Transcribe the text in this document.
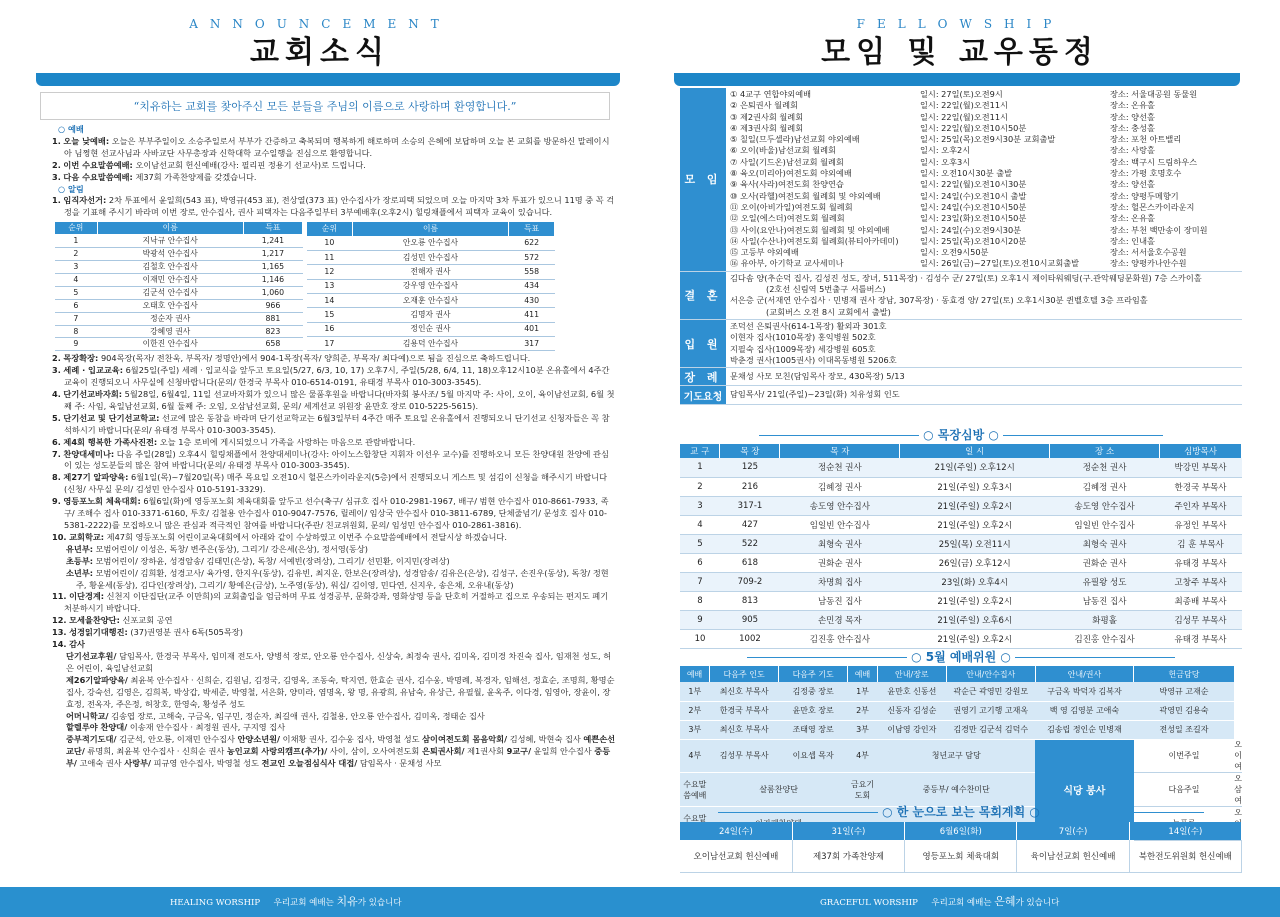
ANNOUNCEMENT
교회소식
“치유하는 교회를 찾아주신 모든 분들을 주님의 이름으로 사랑하며 환영합니다.”
○ 예배
1. 오늘 낮예배: 오늘은 부부주일이오 소승주일로서 부부가 간증하고 축복되며 행복하게 해로하며 소승의 은혜에 보답하며 오늘 본 교회를 방문하신 말레이시아 님쩡현 선교사님과 사바교단 사무총장과 신학대학 교수일행을 진심으로 환영합니다.
2. 이번 수요말씀예배: 오이남선교회 헌신예배(강사: 필리핀 정용기 선교사)로 드립니다.
3. 다음 수요말씀예배: 제37회 가족찬양제를 갖겠습니다.
○ 알림
1. 임직자선거: 2차 투표에서 윤일희(543 표), 박영규(453 표), 전상열(373 표) 안수집사가 장로피택 되었으며 오늘 마지막 3차 투표가 있으니 11명 중 꼭 걱정을 기표해 주시기 바라며 이번 장로, 안수집사, 권사 피택자는 다음주일부터 3부예배후(오후2시) 힐링채플에서 피택자 교육이 있습니다.
순위	이름	득표
1	지낙규 안수집사	1,241
2	박광석 안수집사	1,217
3	김철호 안수집사	1,165
4	이재민 안수집사	1,146
5	김군석 안수집사	1,060
6	오태호 안수집사	966
7	정순자 권사	881
8	강혜영 권사	823
9	이한진 안수집사	658
순위	이름	득표
10	안오룡 안수집사	622
11	김성민 안수집사	572
12	전해자 권사	558
13	강우영 안수집사	434
14	오재훈 안수집사	430
15	김명자 권사	411
16	정인순 권사	401
17	김용덕 안수집사	317
2. 목장확장: 904목장(목자/ 전찬욱, 부목자/ 정명안)에서 904-1목장(목자/ 양희준, 부목자/ 최다예)으로 됨을 진심으로 축하드립니다.
3. 세례 · 입교교육: 6월25일(주일) 세례 · 입교식을 앞두고 토요일(5/27, 6/3, 10, 17) 오후7시, 주일(5/28, 6/4, 11, 18)오후12시10분 온유홀에서 4주간 교육이 진행되오니 사무실에 신청바랍니다(문의/ 한경국 부목사 010-6514-0191, 유태경 부목사 010-3003-3545).
4. 단기선교바자회: 5월28일, 6월4일, 11일 선교바자회가 있으니 많은 물품후원을 바랍니다(바자회 봉사조/ 5월 마지막 주: 사이, 오이, 육이남선교회, 6월 첫째 주: 사임, 육일남선교회, 6월 둘째 주: 오임, 오삼남선교회, 문의/ 세계선교 위원장 윤만호 장로 010-5225-5615).
5. 단기선교 및 단기선교학교: 선교에 많은 동참을 바라며 단기선교학교는 6월3일부터 4주간 매주 토요일 온유홀에서 진행되오니 단기선교 신청자들은 꼭 참석하시기 바랍니다(문의/ 유태경 부목사 010-3003-3545).
6. 제4회 행복한 가족사진전: 오늘 1층 로비에 게시되었으니 가족을 사랑하는 마음으로 관람바랍니다.
7. 찬양대세미나: 다음 주일(28일) 오후4시 힐링채플에서 찬양대세미나(강사: 아이노스합창단 지휘자 이선우 교수)를 진행하오니 모든 찬양대원 찬양에 관심이 있는 성도분들의 많은 참여 바랍니다(문의/ 유태경 부목사 010-3003-3545).
8. 제27기 알파양육: 6월1일(목)~7월20일(목) 매주 목요일 오전10시 헐몬스카이라운지(5층)에서 진행되오니 게스트 및 섬김이 신청을 해주시기 바랍니다(신청/ 사무실 문의/ 김성민 안수집사 010-5191-3329).
9. 영등포노회 체육대회: 6월6일(화)에 영등포노회 체육대회를 앞두고 선수(축구/ 심규호 집사 010-2981-1967, 배구/ 범현 안수집사 010-8661-7933, 족구/ 조해수 집사 010-3371-6160, 투호/ 김철용 안수집사 010-9047-7576, 릴레이/ 임상국 안수집사 010-3811-6789, 단체줄넘기/ 문성호 집사 010-5381-2222)를 모집하오니 많은 관심과 적극적인 참여를 바랍니다(주관/ 친교위원회, 문의/ 임성민 안수집사 010-2861-3816).
10. 교회학교: 제47회 영등포노회 어린이교육대회에서 아래와 같이 수상하였고 이번주 수요말씀예배에서 전달시상 하겠습니다.
유년부: 모범어린이/ 이성은, 독창/ 변주은(동상), 그리기/ 강은세(은상), 정서영(동상)
초등부: 모범어린이/ 장하윤, 성경암송/ 김태민(은상), 독창/ 서예빈(장려상), 그리기/ 선민환, 이지민(장려상)
소년부: 모범어린이/ 김희환, 성경고사/ 육가영, 한지우(동상), 김유빈, 최지운, 한보은(장려상), 성경암송/ 김유은(은상), 김성구, 손진우(동상), 독창/ 정현주, 황윤세(동상), 김다인(장려상), 그리기/ 황예은(금상), 노주영(동상), 워십/ 김이영, 민다연, 신지우, 송은채, 오유내(동상)
11. 이단경계: 신천지 이단집단(교주 이만희)의 교회출입을 엄금하며 무료 성경공부, 문화강좌, 영화상영 등을 단호히 거절하고 집으로 우송되는 편지도 폐기처분하시기 바랍니다.
12. 모세율찬양단: 신포교회 공연
13. 성경읽기대행진: (37)권영분 권사 6독(505목장)
14. 감사
단기선교후원/ 담임목사, 한경국 부목사, 임미재 전도사, 양병석 장로, 안오룡 안수집사, 신상숙, 최정숙 권사, 김미옥, 김미경 차진숙 집사, 임재천 성도, 허 은 어린이, 육일남선교회
제26기알파양육/ 최윤복 안수집사 · 신희순, 김원님, 김정국, 김영옥, 조동숙, 탁지연, 한효순 권사, 김수웅, 박명례, 복경자, 임해선, 정효순, 조명희, 황명순 집사, 강숙선, 김영은, 김희복, 박상갑, 박세준, 박영철, 서은화, 양미라, 염명옥, 왕 명, 유광희, 유남숙, 유상근, 유필월, 윤옥주, 이다경, 임영아, 장윤이, 장효정, 전옥자, 주은정, 허창호, 한영숙, 황성주 성도
어머니학교/ 김송엽 장로, 고해숙, 구금옥, 임구민, 정순자, 최길애 권사, 김철용, 안오룡 안수집사, 김미옥, 정태순 집사
할렐루야 찬양대/ 이송재 안수집사 · 최정원 권사, 구지영 집사
중부적기도대/ 김군석, 안오룡, 이재민 안수집사 안양소년원/ 이채황 권사, 김수웅 집사, 박영철 성도 삼이여전도회 몸음악회/ 김성혜, 박현숙 집사 예쁜손선교단/ 류명희, 최윤복 안수집사 · 신희순 권사 농인교회 사랑의캠프(추가)/ 사이, 삼이, 오사여전도회 은퇴권사회/ 제1권사회 9교구/ 윤일희 안수집사 중등부/ 고애숙 권사 사랑부/ 피규영 안수집사, 박영철 성도 전교인 오늘점심식사 대접/ 담임목사 · 문채성 사모
HEALING WORSHIP 우리교회 예배는 치유가 있습니다
FELLOWSHIP
모임 및 교우동정
모 임
① 4교구 연합야외예배	일시: 27일(토)오전9시	장소: 서울대공원 동물원
② 은퇴권사 월례회	일시: 22일(월)오전11시	장소: 온유홀
③ 제2권사회 월례회	일시: 22일(월)오전11시	장소: 양선홀
④ 제3권사회 월례회	일시: 22일(월)오전10시50분	장소: 충성홀
⑤ 칠일(므두셀라)남선교회 야외예배	일시: 25일(목)오전9시30분 교회출발	장소: 포천 아트밸리
⑥ 오이(바울)남선교회 월례회	일시: 오후2시	장소: 사랑홀
⑦ 사일(기드온)남선교회 월례회	일시: 오후3시	장소: 백구시 드림하우스
⑧ 육오(미리아)여전도회 야외예배	일시: 오전10시30분 출발	장소: 가평 호명호수
⑨ 육사(사라)여전도회 찬양연습	일시: 22일(월)오전10시30분	장소: 양선홀
⑩ 오사(라헬)여전도회 월례회 및 야외예배	일시: 24일(수)오전10시 출발	장소: 양평두메향기
⑪ 오이(아비가일)여전도회 월례회	일시: 24일(수)오전10시50분	장소: 헐몬스카이라운지
⑫ 오일(에스더)여전도회 월례회	일시: 23일(화)오전10시50분	장소: 온유홀
⑬ 사이(요안나)여전도회 월례회 및 야외예배	일시: 24일(수)오전9시30분	장소: 부천 백만송이 장미원
⑭ 사일(수산나)여전도회 월례회(뷰티아카데미)	일시: 25일(목)오전10시20분	장소: 인내홀
⑮ 고등부 야외예배	일시: 오전9시50분	장소: 서서울호수공원
⑯ 유아부, 아기학교 교사세미나	일시: 26일(금)~27일(토)오전10시교회출발	장소: 양평카나안수원
결 혼
김다솜 양(추순덕 집사, 김성진 성도, 장녀, 511목장) · 김성수 군/ 27일(토) 오후1시 제이타워웨딩(구.관악웨딩문화원) 7층 스카이홀
(2호선 신림역 5번출구 서틀버스)
서은층 군(서재연 안수집사 · 민병재 권사 장남, 307목장) · 동효경 양/ 27일(토) 오후1시30분 퀸벨호텔 3층 프라임홀
(교회버스 오전 8시 교회에서 출발)
입 원
조덕선 은퇴권사(614-1목장) 활외과 301호
이현자 집사(1010목장) 홍익병원 502호
지필숙 집사(1009목장) 세강병원 605호
박춘경 권사(1005권사) 이대목동병원 5206호
장 례	문채성 사모 모친(담임목사 장모, 430목장) 5/13
기도요청 담임목사/ 21일(주일)~23일(화) 치유성회 인도
○ 목장심방 ○
교 구	목 장	목 자	일 시	장 소	심방목사
1	125	정순천 권사	21일(주일) 오후12시	정순천 권사	박강민 부목사
2	216	김혜정 권사	21일(주일) 오후3시	김혜정 권사	한경국 부목사
3	317-1	송도영 안수집사	21일(주일) 오후2시	송도영 안수집사	주인자 부목사
4	427	임일빈 안수집사	21일(주일) 오후2시	임일빈 안수집사	유정인 부목사
5	522	최형숙 권사	25일(목) 오전11시	최형숙 권사	김 훈 부목사
6	618	권화순 권사	26일(금) 오후12시	권화순 권사	유태경 부목사
7	709-2	차명희 집사	23일(화) 오후4시	유필왕 성도	고창주 부목사
8	813	남동진 집사	21일(주일) 오후2시	남동진 집사	최종배 부목사
9	905	손민경 목자	21일(주일) 오후6시	화평홀	김성무 부목사
10	1002	김진홍 안수집사	21일(주일) 오후2시	김진홍 안수집사	유태경 부목사
○ 5월 예배위원 ○
예배	다음주 인도	다음주 기도	예배	안내/장로	안내/안수집사	안내/권사	헌금담당	
1부	최신호 부목사	김정중 장로	1부	윤만호 신동선	곽순근 곽영민 강원모	구금옥 박덕자 김복자	박영규 고재순	
2부	한경국 부목사	윤만호 장로	2부	신동자 김성순	권영기 고기행 고재옥	백 영 김영분 고애숙	곽영민 김용숙	
3부	최신호 부목사	조태영 장로	3부	이남영 강인자	김경만 김군석 김덕수	김송립 정인순 민병재	전성일 조길자	
4부	김성무 부목사	이요셉 목자	4부	청년교구 담당		식당 봉사	이번주일	오이여
수요말씀예배	살롬찬양단		금요기도회	중등부/ 예수찬미단			다음주일	오삼여
수요말								오
○ 한 눈으로 보는 목회계획 ○
24일(수)	31일(수)	6월6일(화)	7일(수)	14일(수)
오이남선교회 헌신예배	제37회 가족찬양제	영등포노회 체육대회	육이남선교회 헌신예배	북한전도위원회 헌신예배
GRACEFUL WORSHIP 우리교회 예배는 은혜가 있습니다
